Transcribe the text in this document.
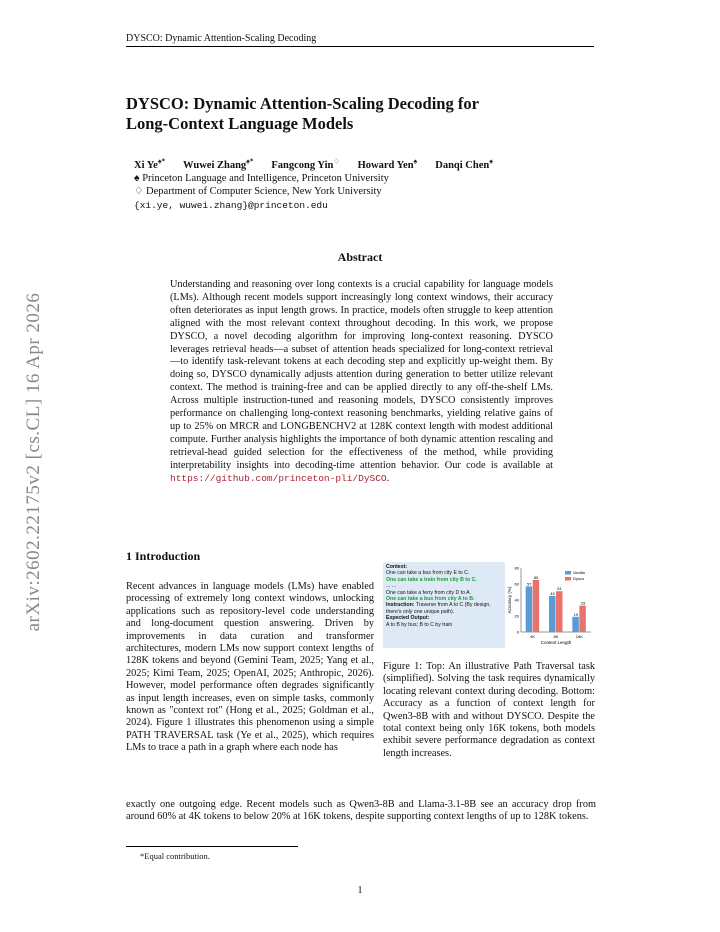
DYSCO: Dynamic Attention-Scaling Decoding
arXiv:2602.22175v2 [cs.CL] 16 Apr 2026
DYSCO: Dynamic Attention-Scaling Decoding for
Long-Context Language Models
Xi Ye♠* Wuwei Zhang♠* Fangcong Yin♢ Howard Yen♠ Danqi Chen♠
♠ Princeton Language and Intelligence, Princeton University
♢ Department of Computer Science, New York University
{xi.ye, wuwei.zhang}@princeton.edu
Abstract
Understanding and reasoning over long contexts is a crucial capability for language models (LMs). Although recent models support increasingly long context windows, their accuracy often deteriorates as input length grows. In practice, models often struggle to keep attention aligned with the most relevant context throughout decoding. In this work, we propose DYSCO, a novel decoding algorithm for improving long-context reasoning. DYSCO leverages retrieval heads—a subset of attention heads specialized for long-context retrieval—to identify task-relevant tokens at each decoding step and explicitly up-weight them. By doing so, DYSCO dynamically adjusts attention during generation to better utilize relevant context. The method is training-free and can be applied directly to any off-the-shelf LMs. Across multiple instruction-tuned and reasoning models, DYSCO consistently improves performance on challenging long-context reasoning benchmarks, yielding relative gains of up to 25% on MRCR and LONGBENCHV2 at 128K context length with modest additional compute. Further analysis highlights the importance of both dynamic attention rescaling and retrieval-head guided selection for the effectiveness of the method, while providing interpretability insights into decoding-time attention behavior. Our code is available at https://github.com/princeton-pli/DySCO.
1 Introduction
Recent advances in language models (LMs) have enabled processing of extremely long context windows, unlocking applications such as repository-level code understanding and long-document question answering. Driven by improvements in data curation and transformer architectures, modern LMs now support context lengths of 128K tokens and beyond (Gemini Team, 2025; Yang et al., 2025; Kimi Team, 2025; OpenAI, 2025; Anthropic, 2026). However, model performance often degrades significantly as input length increases, even on simple tasks, commonly known as "context rot" (Hong et al., 2025; Goldman et al., 2024). Figure 1 illustrates this phenomenon using a simple PATH TRAVERSAL task (Ye et al., 2025), which requires LMs to trace a path in a graph where each node has
Context:
One can take a bus from city E to C.
One can take a train from city B to C.
... ...
One can take a ferry from city D to A.
One can take a bus from city A to B.
Instruction: Traverse from A to C (By design, there's only one unique path).
Expected Output:
A to B by bus; B to C by train
0
20
40
60
80
Accuracy (%)
57
65
4K
45
51
8K
19
33
16K
Context Length
Vanilla
Dysco
Figure 1: Top: An illustrative Path Traversal task (simplified). Solving the task requires dynamically locating relevant context during decoding. Bottom: Accuracy as a function of context length for Qwen3-8B with and without DYSCO. Despite the total context being only 16K tokens, both models exhibit severe performance degradation as context length increases.
exactly one outgoing edge. Recent models such as Qwen3-8B and Llama-3.1-8B see an accuracy drop from around 60% at 4K tokens to below 20% at 16K tokens, despite supporting context lengths of up to 128K tokens.
*Equal contribution.
1
